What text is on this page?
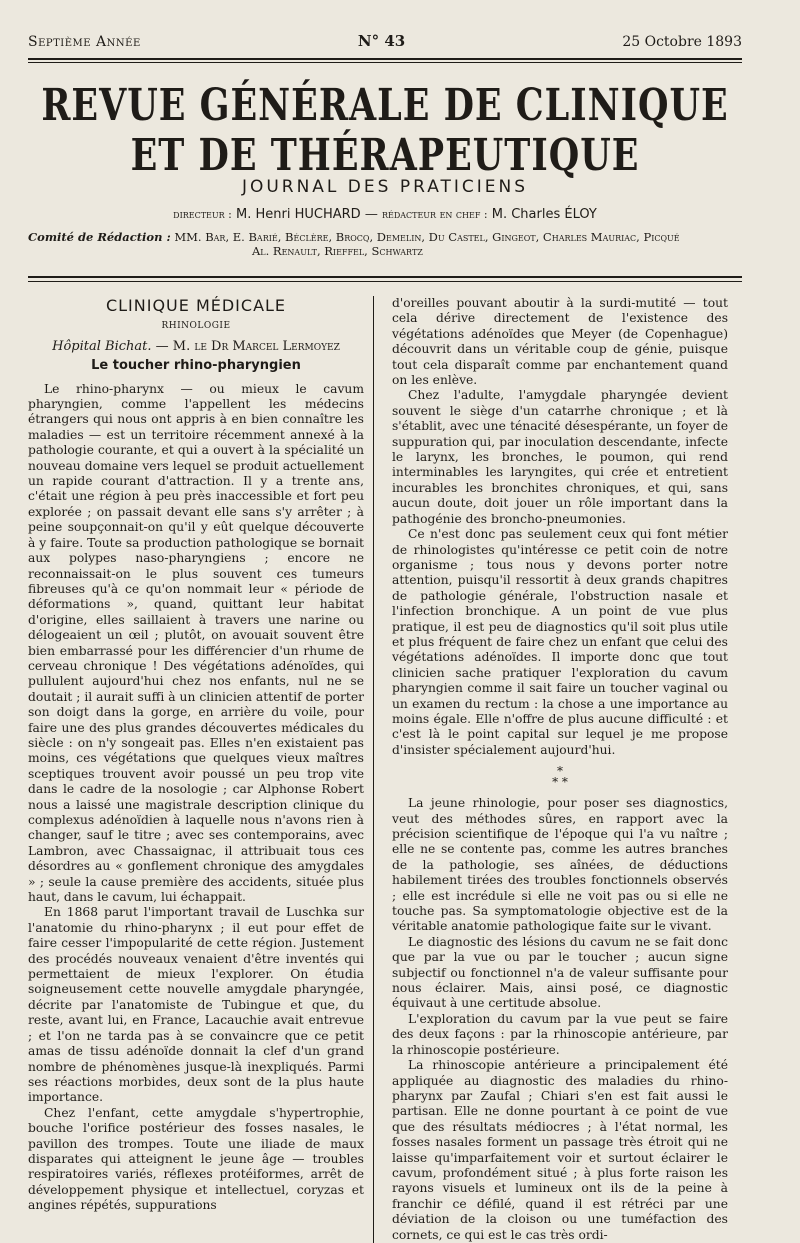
Septième Année	N° 43	25 Octobre 1893
REVUE GÉNÉRALE DE CLINIQUE ET DE THÉRAPEUTIQUE
JOURNAL DES PRATICIENS
directeur : M. Henri HUCHARD — rédacteur en chef : M. Charles ÉLOY
Comité de Rédaction : MM. Bar, E. Barié, Béclère, Brocq, Demelin, Du Castel, Gingeot, Charles Mauriac, Picqué
Al. Renault, Rieffel, Schwartz
CLINIQUE MÉDICALE
RHINOLOGIE
Hôpital Bichat. — M. le Dr Marcel Lermoyez
Le toucher rhino-pharyngien

Le rhino-pharynx — ou mieux le cavum pharyngien, comme l'appellent les médecins étrangers qui nous ont appris à en bien connaître les maladies — est un territoire récemment annexé à la pathologie courante, et qui a ouvert à la spécialité un nouveau domaine vers lequel se produit actuellement un rapide courant d'attraction. Il y a trente ans, c'était une région à peu près inaccessible et fort peu explorée ; on passait devant elle sans s'y arrêter ; à peine soupçonnait-on qu'il y eût quelque découverte à y faire. Toute sa production pathologique se bornait aux polypes naso-pharyngiens ; encore ne reconnaissait-on le plus souvent ces tumeurs fibreuses qu'à ce qu'on nommait leur « période de déformations », quand, quittant leur habitat d'origine, elles saillaient à travers une narine ou délogeaient un œil ; plutôt, on avouait souvent être bien embarrassé pour les différencier d'un rhume de cerveau chronique ! Des végétations adénoïdes, qui pullulent aujourd'hui chez nos enfants, nul ne se doutait ; il aurait suffi à un clinicien attentif de porter son doigt dans la gorge, en arrière du voile, pour faire une des plus grandes découvertes médicales du siècle : on n'y songeait pas. Elles n'en existaient pas moins, ces végétations que quelques vieux maîtres sceptiques trouvent avoir poussé un peu trop vite dans le cadre de la nosologie ; car Alphonse Robert nous a laissé une magistrale description clinique du complexus adénoïdien à laquelle nous n'avons rien à changer, sauf le titre ; avec ses contemporains, avec Lambron, avec Chassaignac, il attribuait tous ces désordres au « gonflement chronique des amygdales » ; seule la cause première des accidents, située plus haut, dans le cavum, lui échappait.

En 1868 parut l'important travail de Luschka sur l'anatomie du rhino-pharynx ; il eut pour effet de faire cesser l'impopularité de cette région. Justement des procédés nouveaux venaient d'être inventés qui permettaient de mieux l'explorer. On étudia soigneusement cette nouvelle amygdale pharyngée, décrite par l'anatomiste de Tubingue et que, du reste, avant lui, en France, Lacauchie avait entrevue ; et l'on ne tarda pas à se convaincre que ce petit amas de tissu adénoïde donnait la clef d'un grand nombre de phénomènes jusque-là inexpliqués. Parmi ses réactions morbides, deux sont de la plus haute importance.

Chez l'enfant, cette amygdale s'hypertrophie, bouche l'orifice postérieur des fosses nasales, le pavillon des trompes. Toute une iliade de maux disparates qui atteignent le jeune âge — troubles respiratoires variés, réflexes protéiformes, arrêt de développement physique et intellectuel, coryzas et angines répétés, suppurations

d'oreilles pouvant aboutir à la surdi-mutité — tout cela dérive directement de l'existence des végétations adénoïdes que Meyer (de Copenhague) découvrit dans un véritable coup de génie, puisque tout cela disparaît comme par enchantement quand on les enlève.

Chez l'adulte, l'amygdale pharyngée devient souvent le siège d'un catarrhe chronique ; et là s'établit, avec une ténacité désespérante, un foyer de suppuration qui, par inoculation descendante, infecte le larynx, les bronches, le poumon, qui rend interminables les laryngites, qui crée et entretient incurables les bronchites chroniques, et qui, sans aucun doute, doit jouer un rôle important dans la pathogénie des broncho-pneumonies.

Ce n'est donc pas seulement ceux qui font métier de rhinologistes qu'intéresse ce petit coin de notre organisme ; tous nous y devons porter notre attention, puisqu'il ressortit à deux grands chapitres de pathologie générale, l'obstruction nasale et l'infection bronchique. A un point de vue plus pratique, il est peu de diagnostics qu'il soit plus utile et plus fréquent de faire chez un enfant que celui des végétations adénoïdes. Il importe donc que tout clinicien sache pratiquer l'exploration du cavum pharyngien comme il sait faire un toucher vaginal ou un examen du rectum : la chose a une importance au moins égale. Elle n'offre de plus aucune difficulté : et c'est là le point capital sur lequel je me propose d'insister spécialement aujourd'hui.

*
* *

La jeune rhinologie, pour poser ses diagnostics, veut des méthodes sûres, en rapport avec la précision scientifique de l'époque qui l'a vu naître ; elle ne se contente pas, comme les autres branches de la pathologie, ses aînées, de déductions habilement tirées des troubles fonctionnels observés ; elle est incrédule si elle ne voit pas ou si elle ne touche pas. Sa symptomatologie objective est de la véritable anatomie pathologique faite sur le vivant.

Le diagnostic des lésions du cavum ne se fait donc que par la vue ou par le toucher ; aucun signe subjectif ou fonctionnel n'a de valeur suffisante pour nous éclairer. Mais, ainsi posé, ce diagnostic équivaut à une certitude absolue.

L'exploration du cavum par la vue peut se faire des deux façons : par la rhinoscopie antérieure, par la rhinoscopie postérieure.

La rhinoscopie antérieure a principalement été appliquée au diagnostic des maladies du rhino-pharynx par Zaufal ; Chiari s'en est fait aussi le partisan. Elle ne donne pourtant à ce point de vue que des résultats médiocres ; à l'état normal, les fosses nasales forment un passage très étroit qui ne laisse qu'imparfaitement voir et surtout éclairer le cavum, profondément situé ; à plus forte raison les rayons visuels et lumineux ont ils de la peine à franchir ce défilé, quand il est rétréci par une déviation de la cloison ou une tuméfaction des cornets, ce qui est le cas très ordi-
